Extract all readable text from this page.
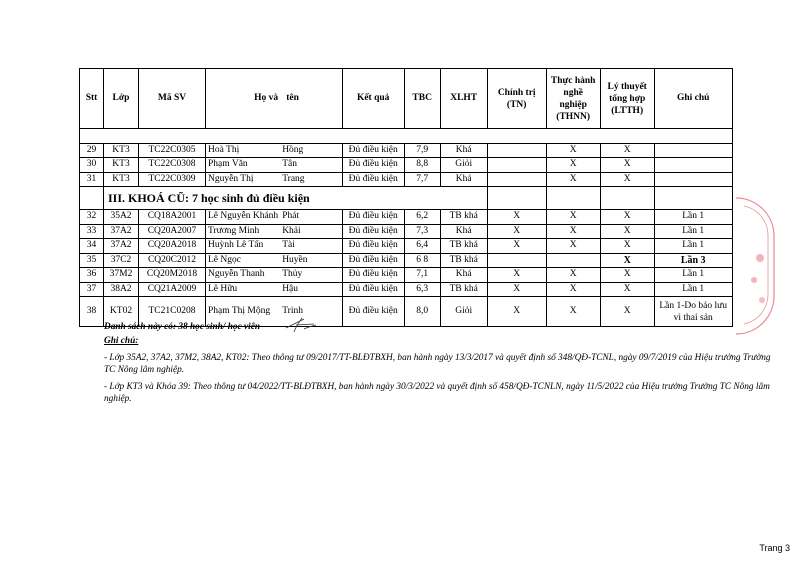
Stt	Lớp	Mã SV	Họ và	tên	Kết quả	TBC	XLHT	Chính trị (TN)	Thực hành nghề nghiệp (THNN)	Lý thuyết tổng hợp (LTTH)	Ghi chú

29	KT3	TC22C0305	Hoà Thị	Hồng	Đủ điều kiện	7,9	Khá		X	X	
30	KT3	TC22C0308	Phạm Văn	Tân	Đủ điều kiện	8,8	Giỏi		X	X	
31	KT3	TC22C0309	Nguyễn Thị	Trang	Đủ điều kiện	7,7	Khá		X	X	
	III. KHOÁ CŨ: 7 học sinh đủ điều kiện										
32	35A2	CQ18A2001	Lê Nguyễn Khánh	Phát	Đủ điều kiện	6,2	TB khá	X	X	X	Lần 1
33	37A2	CQ20A2007	Trương Minh	Khải	Đủ điều kiện	7,3	Khá	X	X	X	Lần 1
34	37A2	CQ20A2018	Huỳnh Lê Tấn	Tài	Đủ điều kiện	6,4	TB khá	X	X	X	Lần 1
35	37C2	CQ20C2012	Lê Ngọc	Huyền	Đủ điều kiện	6 8	TB khá			X	Lần 3
36	37M2	CQ20M2018	Nguyễn Thanh	Thủy	Đủ điều kiện	7,1	Khá	X	X	X	Lần 1
37	38A2	CQ21A2009	Lê Hữu	Hậu	Đủ điều kiện	6,3	TB khá	X	X	X	Lần 1
38	KT02	TC21C0208	Phạm Thị Mộng	Trinh	Đủ điều kiện	8,0	Giỏi	X	X	X	Lần 1-Do bảo lưu vì thai sản

Danh sách này có: 38 học sinh/ học viên

Ghi chú:

- Lớp 35A2, 37A2, 37M2, 38A2, KT02: Theo thông tư 09/2017/TT-BLĐTBXH, ban hành ngày 13/3/2017 và quyết định số 348/QĐ-TCNL, ngày 09/7/2019 của Hiệu trưởng Trường TC Nông lâm nghiệp.

- Lớp KT3 và Khóa 39: Theo thông tư 04/2022/TT-BLĐTBXH, ban hành ngày 30/3/2022 và quyết định số 458/QĐ-TCNLN, ngày 11/5/2022 của Hiệu trưởng Trường TC Nông lâm nghiệp.

Trang 3
